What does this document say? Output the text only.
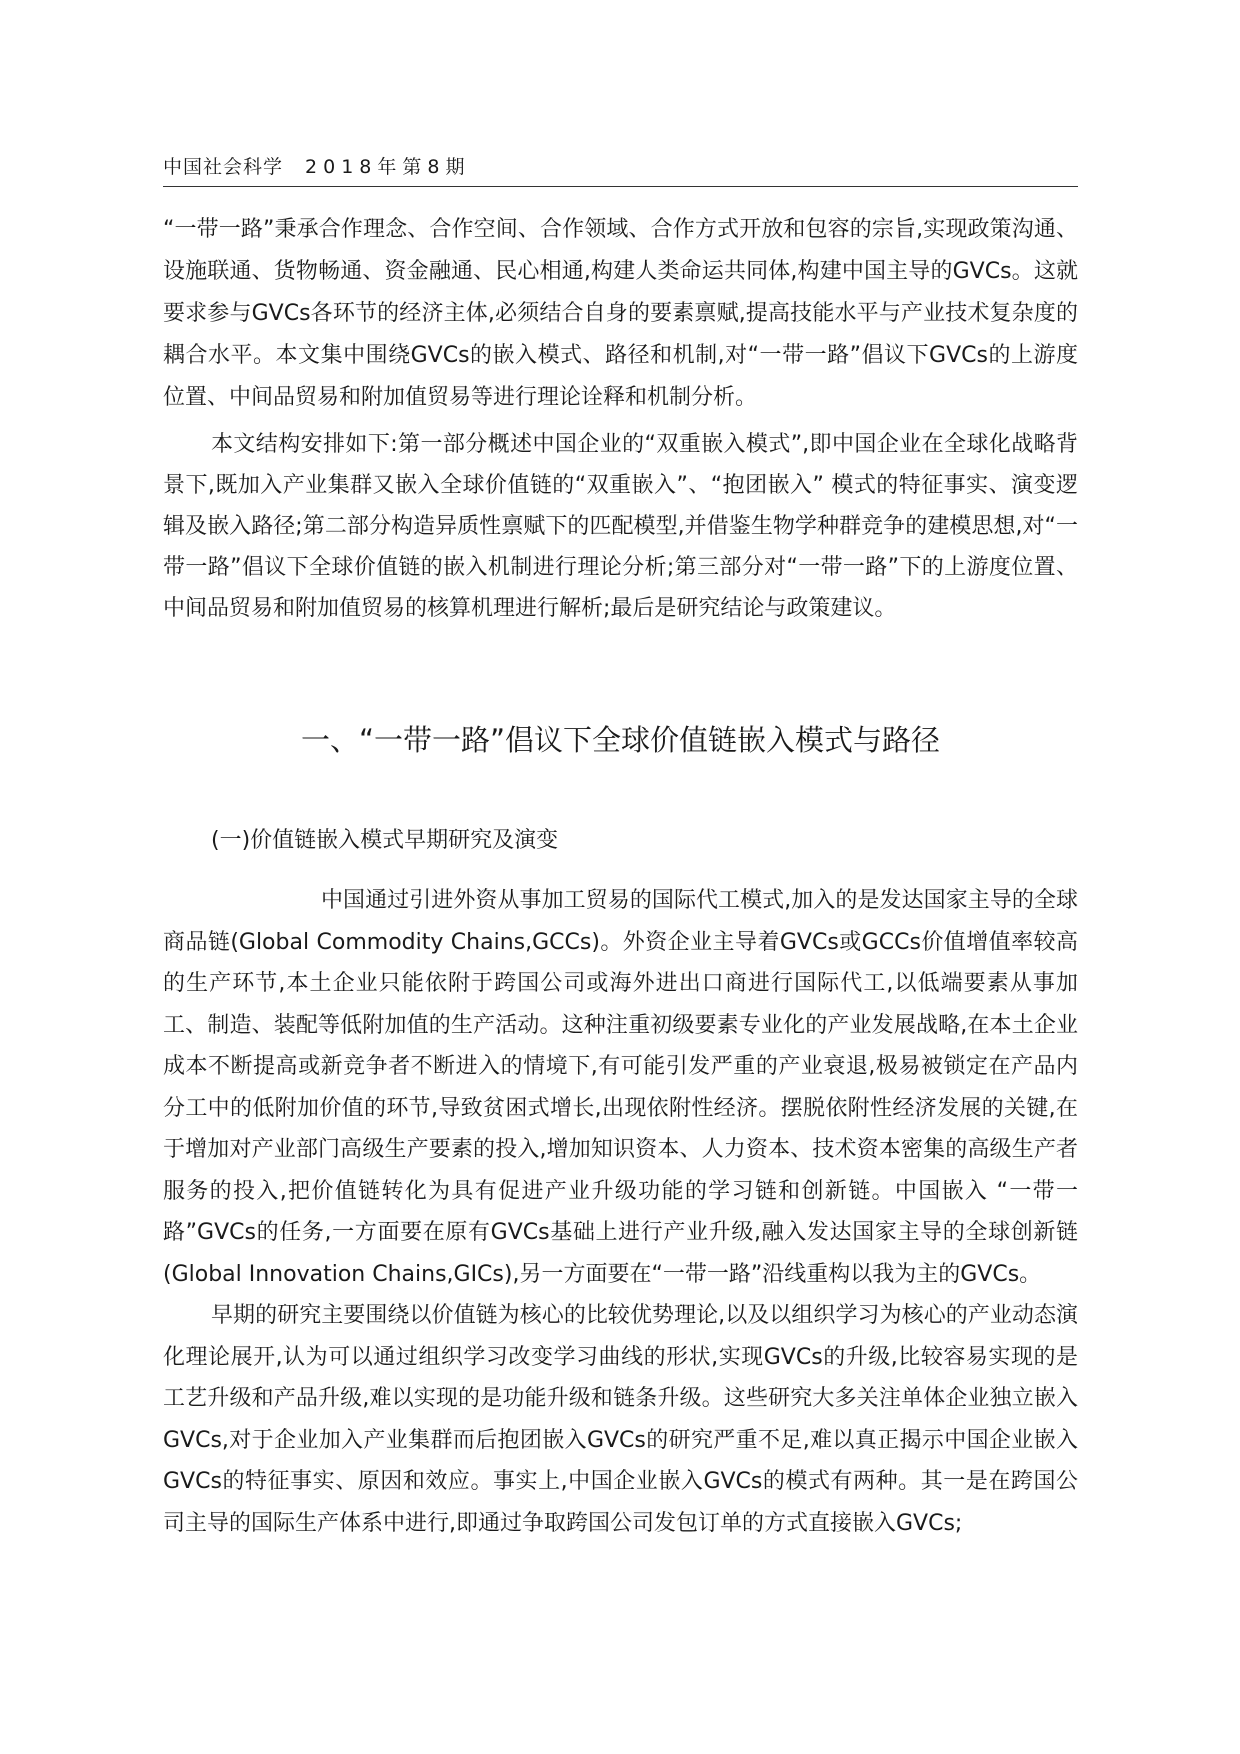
中国社会科学 2018年第8期

“一带一路”秉承合作理念、合作空间、合作领域、合作方式开放和包容的宗旨,实现政策沟通、设施联通、货物畅通、资金融通、民心相通,构建人类命运共同体,构建中国主导的GVCs。这就要求参与GVCs各环节的经济主体,必须结合自身的要素禀赋,提高技能水平与产业技术复杂度的耦合水平。本文集中围绕GVCs的嵌入模式、路径和机制,对“一带一路”倡议下GVCs的上游度位置、中间品贸易和附加值贸易等进行理论诠释和机制分析。

本文结构安排如下:第一部分概述中国企业的“双重嵌入模式”,即中国企业在全球化战略背景下,既加入产业集群又嵌入全球价值链的“双重嵌入”、“抱团嵌入” 模式的特征事实、演变逻辑及嵌入路径;第二部分构造异质性禀赋下的匹配模型,并借鉴生物学种群竞争的建模思想,对“一带一路”倡议下全球价值链的嵌入机制进行理论分析;第三部分对“一带一路”下的上游度位置、中间品贸易和附加值贸易的核算机理进行解析;最后是研究结论与政策建议。

一、“一带一路”倡议下全球价值链嵌入模式与路径
(一)价值链嵌入模式早期研究及演变

中国通过引进外资从事加工贸易的国际代工模式,加入的是发达国家主导的全球商品链(Global Commodity Chains,GCCs)。外资企业主导着GVCs或GCCs价值增值率较高的生产环节,本土企业只能依附于跨国公司或海外进出口商进行国际代工,以低端要素从事加工、制造、装配等低附加值的生产活动。这种注重初级要素专业化的产业发展战略,在本土企业成本不断提高或新竞争者不断进入的情境下,有可能引发严重的产业衰退,极易被锁定在产品内分工中的低附加价值的环节,导致贫困式增长,出现依附性经济。摆脱依附性经济发展的关键,在于增加对产业部门高级生产要素的投入,增加知识资本、人力资本、技术资本密集的高级生产者服务的投入,把价值链转化为具有促进产业升级功能的学习链和创新链。中国嵌入 “一带一路”GVCs的任务,一方面要在原有GVCs基础上进行产业升级,融入发达国家主导的全球创新链(Global Innovation Chains,GICs),另一方面要在“一带一路”沿线重构以我为主的GVCs。

早期的研究主要围绕以价值链为核心的比较优势理论,以及以组织学习为核心的产业动态演化理论展开,认为可以通过组织学习改变学习曲线的形状,实现GVCs的升级,比较容易实现的是工艺升级和产品升级,难以实现的是功能升级和链条升级。这些研究大多关注单体企业独立嵌入GVCs,对于企业加入产业集群而后抱团嵌入GVCs的研究严重不足,难以真正揭示中国企业嵌入GVCs的特征事实、原因和效应。事实上,中国企业嵌入GVCs的模式有两种。其一是在跨国公司主导的国际生产体系中进行,即通过争取跨国公司发包订单的方式直接嵌入GVCs;
